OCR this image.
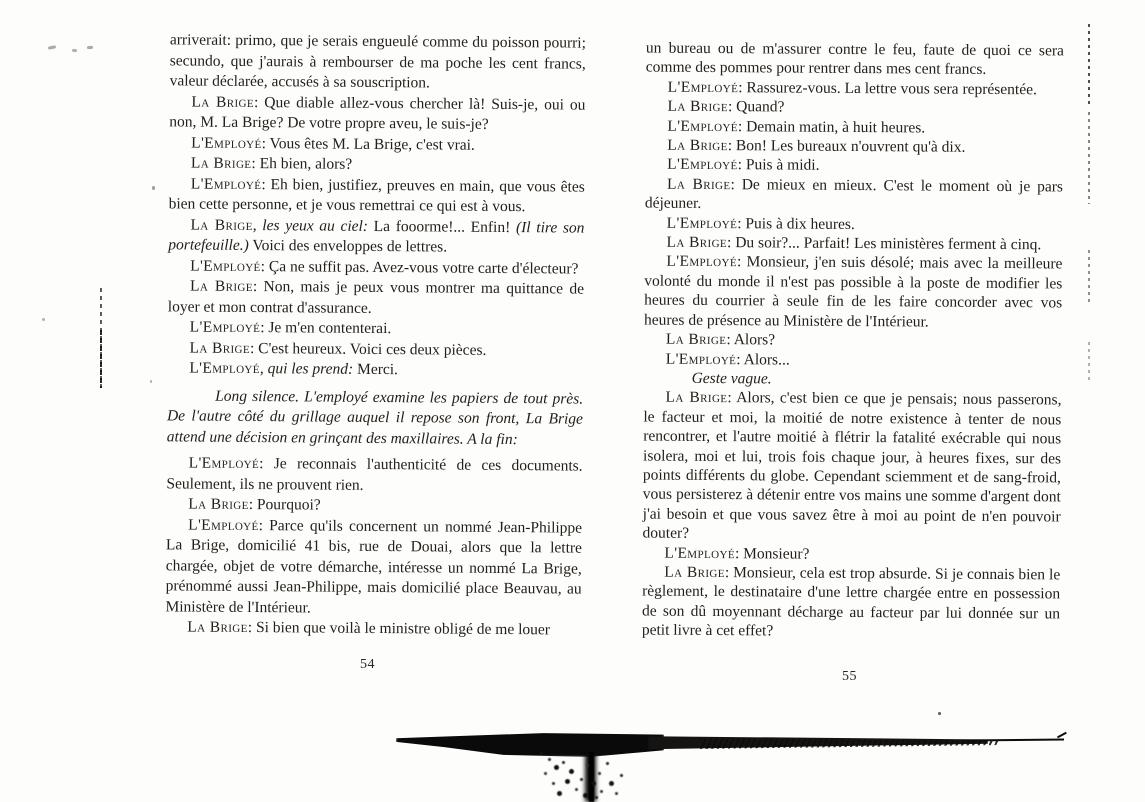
arriverait: primo, que je serais engueulé comme du poisson pourri; secundo, que j'aurais à rembourser de ma poche les cent francs, valeur déclarée, accusés à sa souscription.

La Brige: Que diable allez-vous chercher là! Suis-je, oui ou non, M. La Brige? De votre propre aveu, le suis-je?

L'Employé: Vous êtes M. La Brige, c'est vrai.

La Brige: Eh bien, alors?

L'Employé: Eh bien, justifiez, preuves en main, que vous êtes bien cette personne, et je vous remettrai ce qui est à vous.

La Brige, les yeux au ciel: La fooorme!... Enfin! (Il tire son portefeuille.) Voici des enveloppes de lettres.

L'Employé: Ça ne suffit pas. Avez-vous votre carte d'électeur?

La Brige: Non, mais je peux vous montrer ma quittance de loyer et mon contrat d'assurance.

L'Employé: Je m'en contenterai.

La Brige: C'est heureux. Voici ces deux pièces.

L'Employé, qui les prend: Merci.

Long silence. L'employé examine les papiers de tout près. De l'autre côté du grillage auquel il repose son front, La Brige attend une décision en grinçant des maxillaires. A la fin:

L'Employé: Je reconnais l'authenticité de ces documents. Seulement, ils ne prouvent rien.

La Brige: Pourquoi?

L'Employé: Parce qu'ils concernent un nommé Jean-Philippe La Brige, domicilié 41 bis, rue de Douai, alors que la lettre chargée, objet de votre démarche, intéresse un nommé La Brige, prénommé aussi Jean-Philippe, mais domicilié place Beauvau, au Ministère de l'Intérieur.

La Brige: Si bien que voilà le ministre obligé de me louer

un bureau ou de m'assurer contre le feu, faute de quoi ce sera comme des pommes pour rentrer dans mes cent francs.

L'Employé: Rassurez-vous. La lettre vous sera représentée.

La Brige: Quand?

L'Employé: Demain matin, à huit heures.

La Brige: Bon! Les bureaux n'ouvrent qu'à dix.

L'Employé: Puis à midi.

La Brige: De mieux en mieux. C'est le moment où je pars déjeuner.

L'Employé: Puis à dix heures.

La Brige: Du soir?... Parfait! Les ministères ferment à cinq.

L'Employé: Monsieur, j'en suis désolé; mais avec la meilleure volonté du monde il n'est pas possible à la poste de modifier les heures du courrier à seule fin de les faire concorder avec vos heures de présence au Ministère de l'Intérieur.

La Brige: Alors?

L'Employé: Alors...

Geste vague.

La Brige: Alors, c'est bien ce que je pensais; nous passerons, le facteur et moi, la moitié de notre existence à tenter de nous rencontrer, et l'autre moitié à flétrir la fatalité exécrable qui nous isolera, moi et lui, trois fois chaque jour, à heures fixes, sur des points différents du globe. Cependant sciemment et de sang-froid, vous persisterez à détenir entre vos mains une somme d'argent dont j'ai besoin et que vous savez être à moi au point de n'en pouvoir douter?

L'Employé: Monsieur?

La Brige: Monsieur, cela est trop absurde. Si je connais bien le règlement, le destinataire d'une lettre chargée entre en possession de son dû moyennant décharge au facteur par lui donnée sur un petit livre à cet effet?

54
55
